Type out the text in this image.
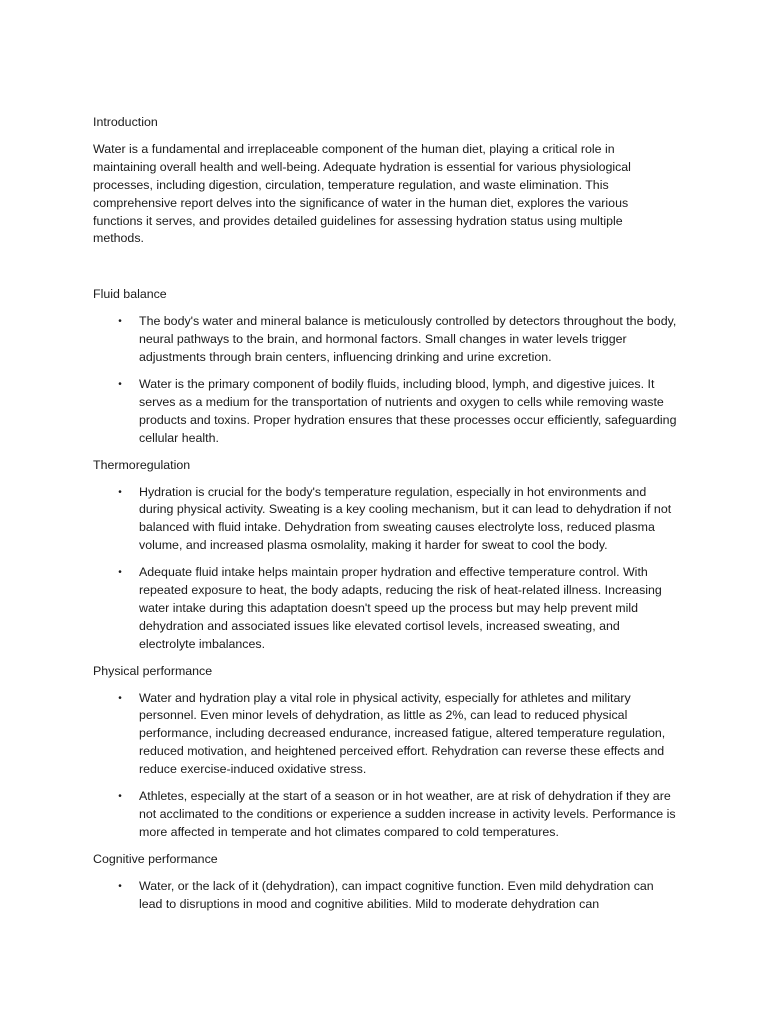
Introduction

Water is a fundamental and irreplaceable component of the human diet, playing a critical role in maintaining overall health and well-being. Adequate hydration is essential for various physiological processes, including digestion, circulation, temperature regulation, and waste elimination. This comprehensive report delves into the significance of water in the human diet, explores the various functions it serves, and provides detailed guidelines for assessing hydration status using multiple methods.

Fluid balance
• The body's water and mineral balance is meticulously controlled by detectors throughout the body, neural pathways to the brain, and hormonal factors. Small changes in water levels trigger adjustments through brain centers, influencing drinking and urine excretion.
• Water is the primary component of bodily fluids, including blood, lymph, and digestive juices. It serves as a medium for the transportation of nutrients and oxygen to cells while removing waste products and toxins. Proper hydration ensures that these processes occur efficiently, safeguarding cellular health.
Thermoregulation
• Hydration is crucial for the body's temperature regulation, especially in hot environments and during physical activity. Sweating is a key cooling mechanism, but it can lead to dehydration if not balanced with fluid intake. Dehydration from sweating causes electrolyte loss, reduced plasma volume, and increased plasma osmolality, making it harder for sweat to cool the body.
• Adequate fluid intake helps maintain proper hydration and effective temperature control. With repeated exposure to heat, the body adapts, reducing the risk of heat-related illness. Increasing water intake during this adaptation doesn't speed up the process but may help prevent mild dehydration and associated issues like elevated cortisol levels, increased sweating, and electrolyte imbalances.
Physical performance
• Water and hydration play a vital role in physical activity, especially for athletes and military personnel. Even minor levels of dehydration, as little as 2%, can lead to reduced physical performance, including decreased endurance, increased fatigue, altered temperature regulation, reduced motivation, and heightened perceived effort. Rehydration can reverse these effects and reduce exercise-induced oxidative stress.
• Athletes, especially at the start of a season or in hot weather, are at risk of dehydration if they are not acclimated to the conditions or experience a sudden increase in activity levels. Performance is more affected in temperate and hot climates compared to cold temperatures.
Cognitive performance
• Water, or the lack of it (dehydration), can impact cognitive function. Even mild dehydration can lead to disruptions in mood and cognitive abilities. Mild to moderate dehydration can
